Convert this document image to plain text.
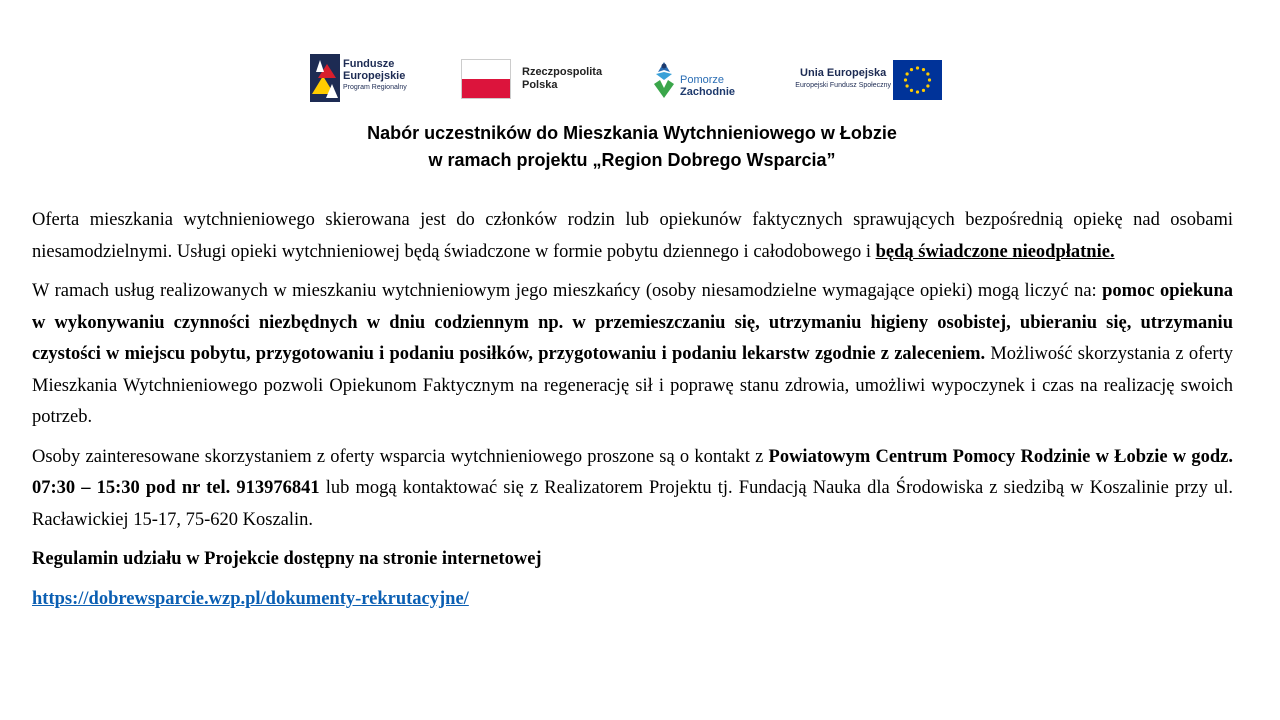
Fundusze
Europejskie
Program Regionalny
Rzeczpospolita
Polska	Pomorze
Zachodnie
Unia Europejska
Europejski Fundusz Społeczny
Nabór uczestników do Mieszkania Wytchnieniowego w Łobzie
w ramach projektu „Region Dobrego Wsparcia”

Oferta mieszkania wytchnieniowego skierowana jest do członków rodzin lub opiekunów faktycznych sprawujących bezpośrednią opiekę nad osobami niesamodzielnymi. Usługi opieki wytchnieniowej będą świadczone w formie pobytu dziennego i całodobowego i będą świadczone nieodpłatnie.

W ramach usług realizowanych w mieszkaniu wytchnieniowym jego mieszkańcy (osoby niesamodzielne wymagające opieki) mogą liczyć na: pomoc opiekuna w wykonywaniu czynności niezbędnych w dniu codziennym np. w przemieszczaniu się, utrzymaniu higieny osobistej, ubieraniu się, utrzymaniu czystości w miejscu pobytu, przygotowaniu i podaniu posiłków, przygotowaniu i podaniu lekarstw zgodnie z zaleceniem. Możliwość skorzystania z oferty Mieszkania Wytchnieniowego pozwoli Opiekunom Faktycznym na regenerację sił i poprawę stanu zdrowia, umożliwi wypoczynek i czas na realizację swoich potrzeb.

Osoby zainteresowane skorzystaniem z oferty wsparcia wytchnieniowego proszone są o kontakt z Powiatowym Centrum Pomocy Rodzinie w Łobzie w godz. 07:30 – 15:30 pod nr tel. 913976841 lub mogą kontaktować się z Realizatorem Projektu tj. Fundacją Nauka dla Środowiska z siedzibą w Koszalinie przy ul. Racławickiej 15-17, 75-620 Koszalin.

Regulamin udziału w Projekcie dostępny na stronie internetowej

https://dobrewsparcie.wzp.pl/dokumenty-rekrutacyjne/
